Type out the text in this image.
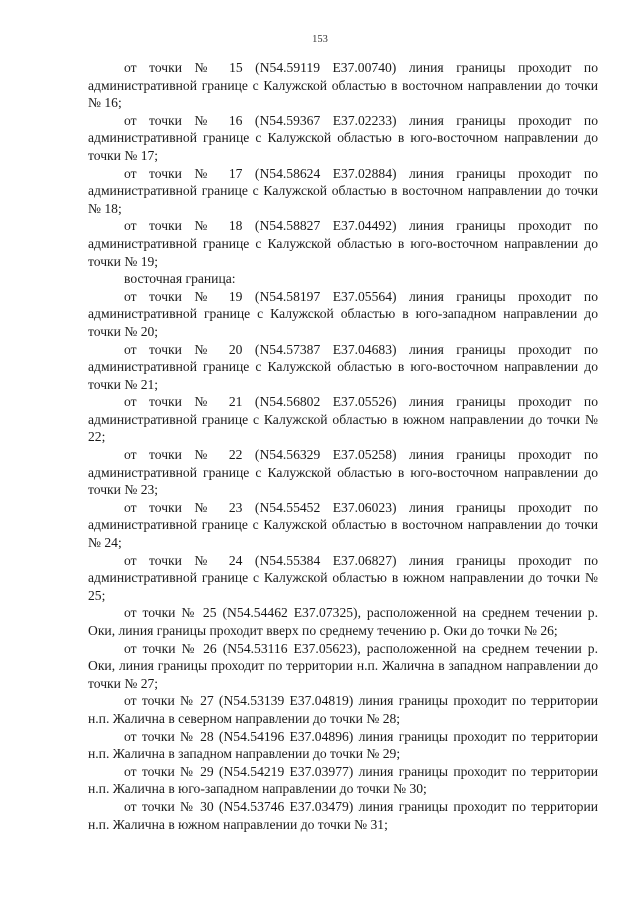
153

от точки № 15 (N54.59119 E37.00740) линия границы проходит по административной границе с Калужской областью в восточном направлении до точки № 16;

от точки № 16 (N54.59367 E37.02233) линия границы проходит по административной границе с Калужской областью в юго-восточном направлении до точки № 17;

от точки № 17 (N54.58624 E37.02884) линия границы проходит по административной границе с Калужской областью в восточном направлении до точки № 18;

от точки № 18 (N54.58827 E37.04492) линия границы проходит по административной границе с Калужской областью в юго-восточном направлении до точки № 19;

восточная граница:

от точки № 19 (N54.58197 E37.05564) линия границы проходит по административной границе с Калужской областью в юго-западном направлении до точки № 20;

от точки № 20 (N54.57387 E37.04683) линия границы проходит по административной границе с Калужской областью в юго-восточном направлении до точки № 21;

от точки № 21 (N54.56802 E37.05526) линия границы проходит по административной границе с Калужской областью в южном направлении до точки № 22;

от точки № 22 (N54.56329 E37.05258) линия границы проходит по административной границе с Калужской областью в юго-восточном направлении до точки № 23;

от точки № 23 (N54.55452 E37.06023) линия границы проходит по административной границе с Калужской областью в восточном направлении до точки № 24;

от точки № 24 (N54.55384 E37.06827) линия границы проходит по административной границе с Калужской областью в южном направлении до точки № 25;

от точки № 25 (N54.54462 E37.07325), расположенной на среднем течении р. Оки, линия границы проходит вверх по среднему течению р. Оки до точки № 26;

от точки № 26 (N54.53116 E37.05623), расположенной на среднем течении р. Оки, линия границы проходит по территории н.п. Жалична в западном направлении до точки № 27;

от точки № 27 (N54.53139 E37.04819) линия границы проходит по территории н.п. Жалична в северном направлении до точки № 28;

от точки № 28 (N54.54196 E37.04896) линия границы проходит по территории н.п. Жалична в западном направлении до точки № 29;

от точки № 29 (N54.54219 E37.03977) линия границы проходит по территории н.п. Жалична в юго-западном направлении до точки № 30;

от точки № 30 (N54.53746 E37.03479) линия границы проходит по территории н.п. Жалична в южном направлении до точки № 31;
